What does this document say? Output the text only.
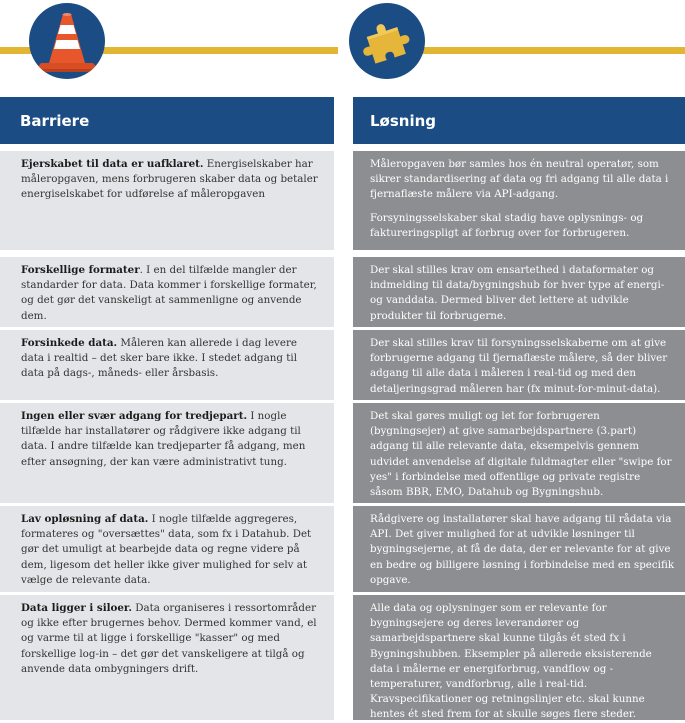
Barriere	Løsning
Ejerskabet til data er uafklaret. Energiselskaber har måleropgaven, mens forbrugeren skaber data og betaler energiselskabet for udførelse af måleropgaven
Forskellige formater. I en del tilfælde mangler der standarder for data. Data kommer i forskellige formater, og det gør det vanskeligt at sammenligne og anvende dem.
Forsinkede data. Måleren kan allerede i dag levere data i realtid – det sker bare ikke. I stedet adgang til data på dags-, måneds- eller årsbasis.
Ingen eller svær adgang for tredjepart. I nogle tilfælde har installatører og rådgivere ikke adgang til data. I andre tilfælde kan tredjeparter få adgang, men efter ansøgning, der kan være administrativt tung.
Lav opløsning af data. I nogle tilfælde aggregeres, formateres og "oversættes" data, som fx i Datahub. Det gør det umuligt at bearbejde data og regne videre på dem, ligesom det heller ikke giver mulighed for selv at vælge de relevante data.
Data ligger i siloer. Data organiseres i ressortområder og ikke efter brugernes behov. Dermed kommer vand, el og varme til at ligge i forskellige "kasser" og med forskellige log-in – det gør det vanskeligere at tilgå og anvende data ombygningers drift.

Måleropgaven bør samles hos én neutral operatør, som sikrer standardisering af data og fri adgang til alle data i fjernaflæste målere via API-adgang.

Forsyningsselskaber skal stadig have oplysnings- og faktureringspligt af forbrug over for forbrugeren.

Der skal stilles krav om ensartethed i dataformater og indmelding til data/bygningshub for hver type af energi- og vanddata. Dermed bliver det lettere at udvikle produkter til forbrugerne.

Der skal stilles krav til forsyningsselskaberne om at give forbrugerne adgang til fjernaflæste målere, så der bliver adgang til alle data i måleren i real-tid og med den detaljeringsgrad måleren har (fx minut-for-minut-data).

Det skal gøres muligt og let for forbrugeren (bygningsejer) at give samarbejdspartnere (3.part) adgang til alle relevante data, eksempelvis gennem udvidet anvendelse af digitale fuldmagter eller "swipe for yes" i forbindelse med offentlige og private registre såsom BBR, EMO, Datahub og Bygningshub.

Rådgivere og installatører skal have adgang til rådata via API. Det giver mulighed for at udvikle løsninger til bygningsejerne, at få de data, der er relevante for at give en bedre og billigere løsning i forbindelse med en specifik opgave.

Alle data og oplysninger som er relevante for bygningsejere og deres leverandører og samarbejdspartnere skal kunne tilgås ét sted fx i Bygningshubben. Eksempler på allerede eksisterende data i målerne er energiforbrug, vandflow og -temperaturer, vandforbrug, alle i real-tid. Kravspecifikationer og retningslinjer etc. skal kunne hentes ét sted frem for at skulle søges flere steder.
